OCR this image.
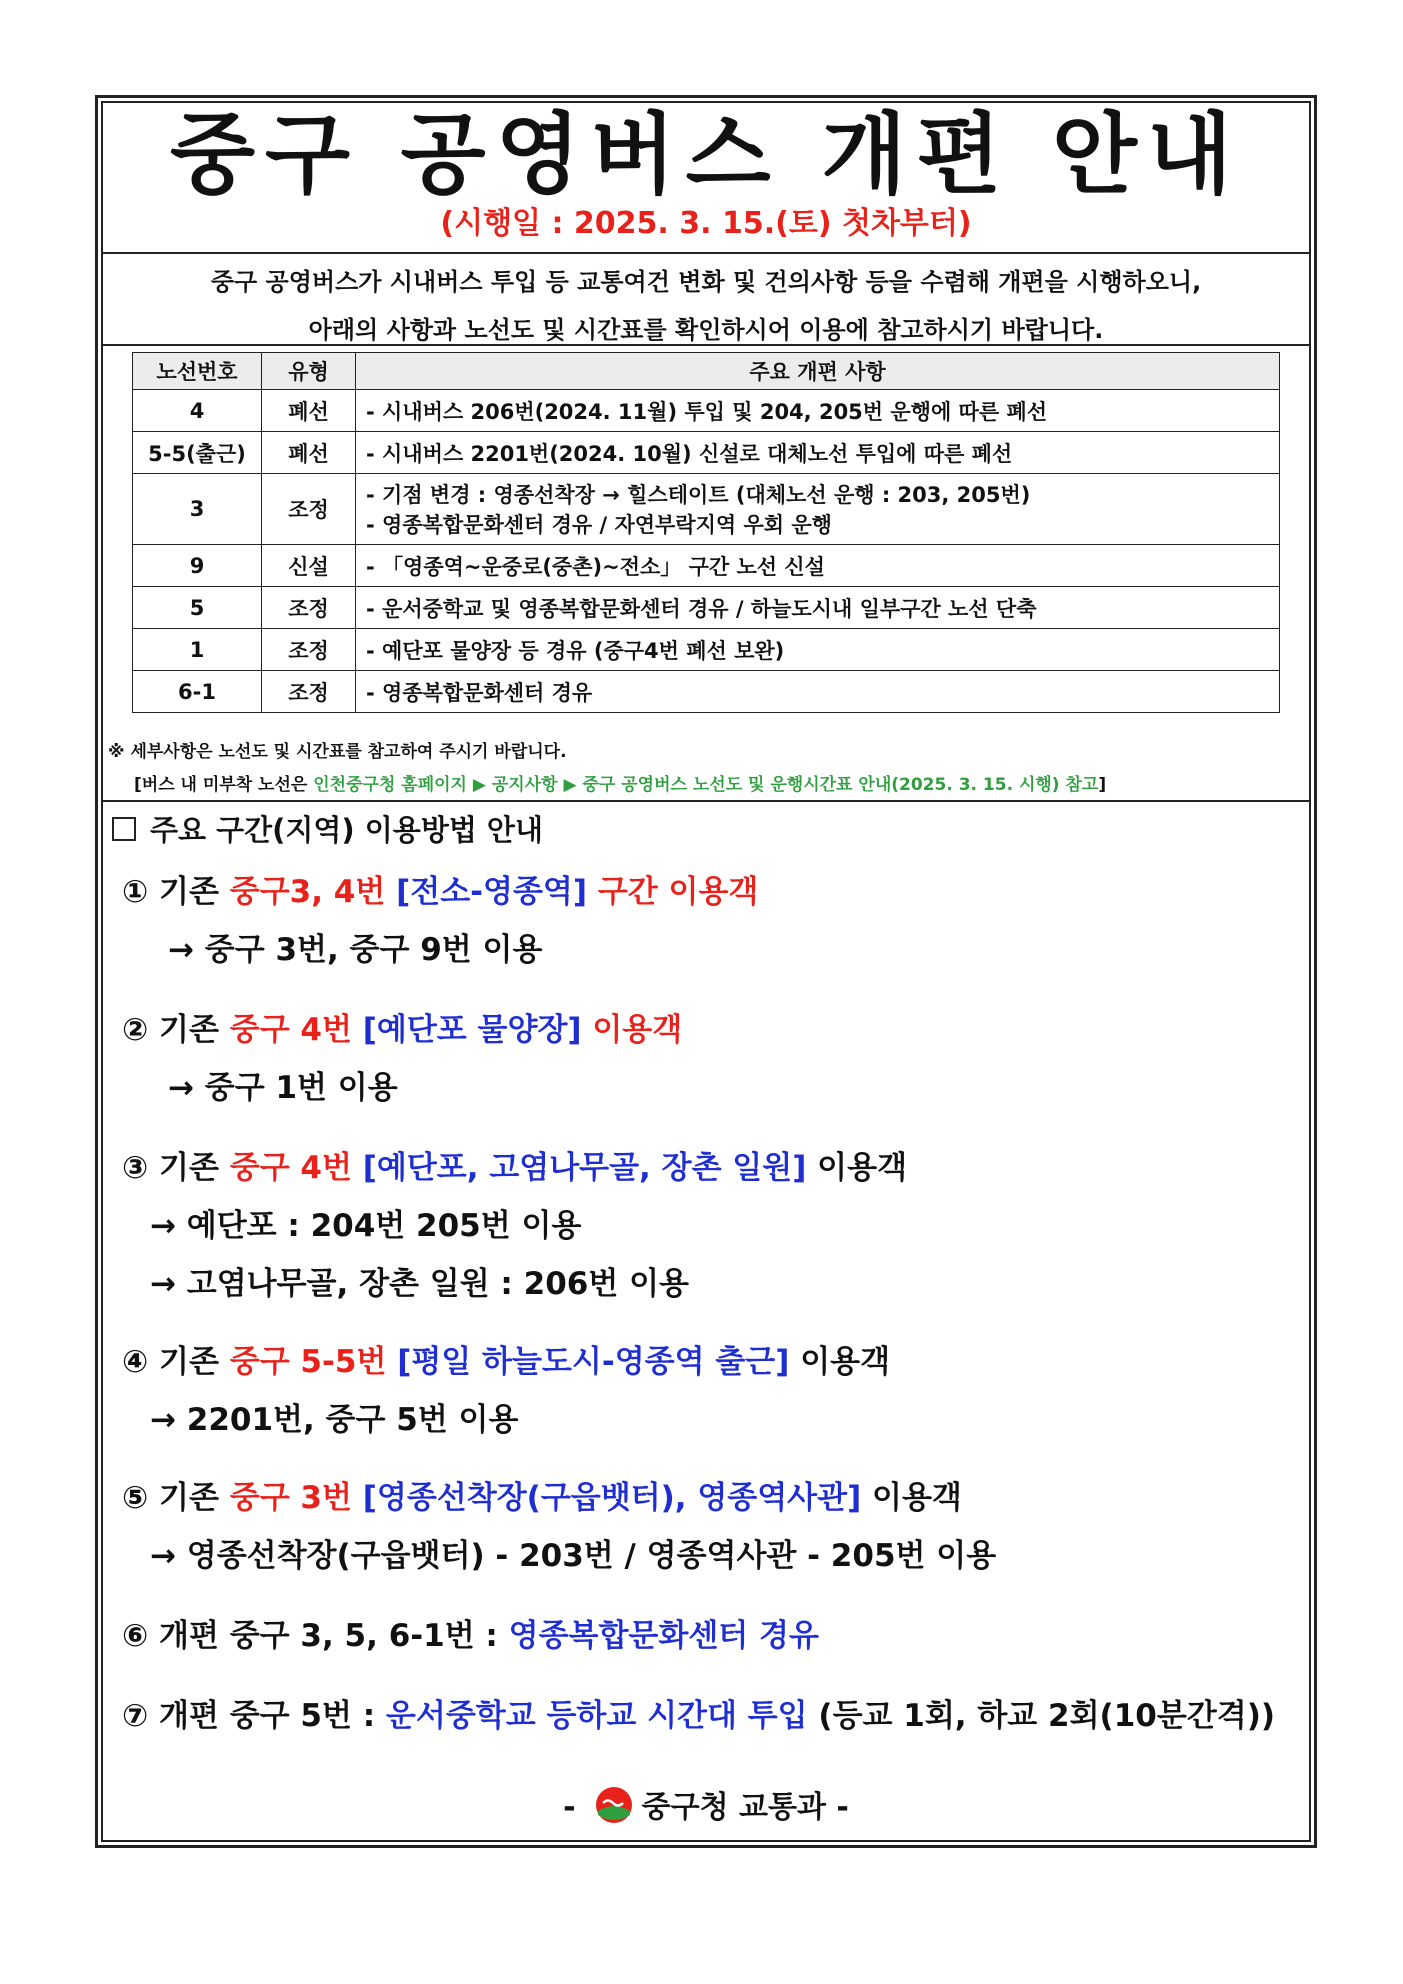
중구 공영버스 개편 안내
(시행일 : 2025. 3. 15.(토) 첫차부터)
중구 공영버스가 시내버스 투입 등 교통여건 변화 및 건의사항 등을 수렴해 개편을 시행하오니,
아래의 사항과 노선도 및 시간표를 확인하시어 이용에 참고하시기 바랍니다.
노선번호	유형	주요 개편 사항
4	폐선	- 시내버스 206번(2024. 11월) 투입 및 204, 205번 운행에 따른 폐선
5-5(출근)	폐선	- 시내버스 2201번(2024. 10월) 신설로 대체노선 투입에 따른 폐선
3	조정	- 기점 변경 : 영종선착장 → 힐스테이트 (대체노선 운행 : 203, 205번)
- 영종복합문화센터 경유 / 자연부락지역 우회 운행

9	신설	- 「영종역~운중로(중촌)~전소」 구간 노선 신설
5	조정	- 운서중학교 및 영종복합문화센터 경유 / 하늘도시내 일부구간 노선 단축
1	조정	- 예단포 물양장 등 경유 (중구4번 폐선 보완)
6-1	조정	- 영종복합문화센터 경유
※ 세부사항은 노선도 및 시간표를 참고하여 주시기 바랍니다.
[버스 내 미부착 노선은 인천중구청 홈페이지 ▶ 공지사항 ▶ 중구 공영버스 노선도 및 운행시간표 안내(2025. 3. 15. 시행) 참고]
주요 구간(지역) 이용방법 안내
① 기존 중구3, 4번 [전소-영종역] 구간 이용객
→ 중구 3번, 중구 9번 이용
② 기존 중구 4번 [예단포 물양장] 이용객
→ 중구 1번 이용
③ 기존 중구 4번 [예단포, 고염나무골, 장촌 일원] 이용객
→ 예단포 : 204번 205번 이용
→ 고염나무골, 장촌 일원 : 206번 이용
④ 기존 중구 5-5번 [평일 하늘도시-영종역 출근] 이용객
→ 2201번, 중구 5번 이용
⑤ 기존 중구 3번 [영종선착장(구읍뱃터), 영종역사관] 이용객
→ 영종선착장(구읍뱃터) - 203번 / 영종역사관 - 205번 이용
⑥ 개편 중구 3, 5, 6-1번 : 영종복합문화센터 경유
⑦ 개편 중구 5번 : 운서중학교 등하교 시간대 투입 (등교 1회, 하교 2회(10분간격))
- 중구청 교통과 -
